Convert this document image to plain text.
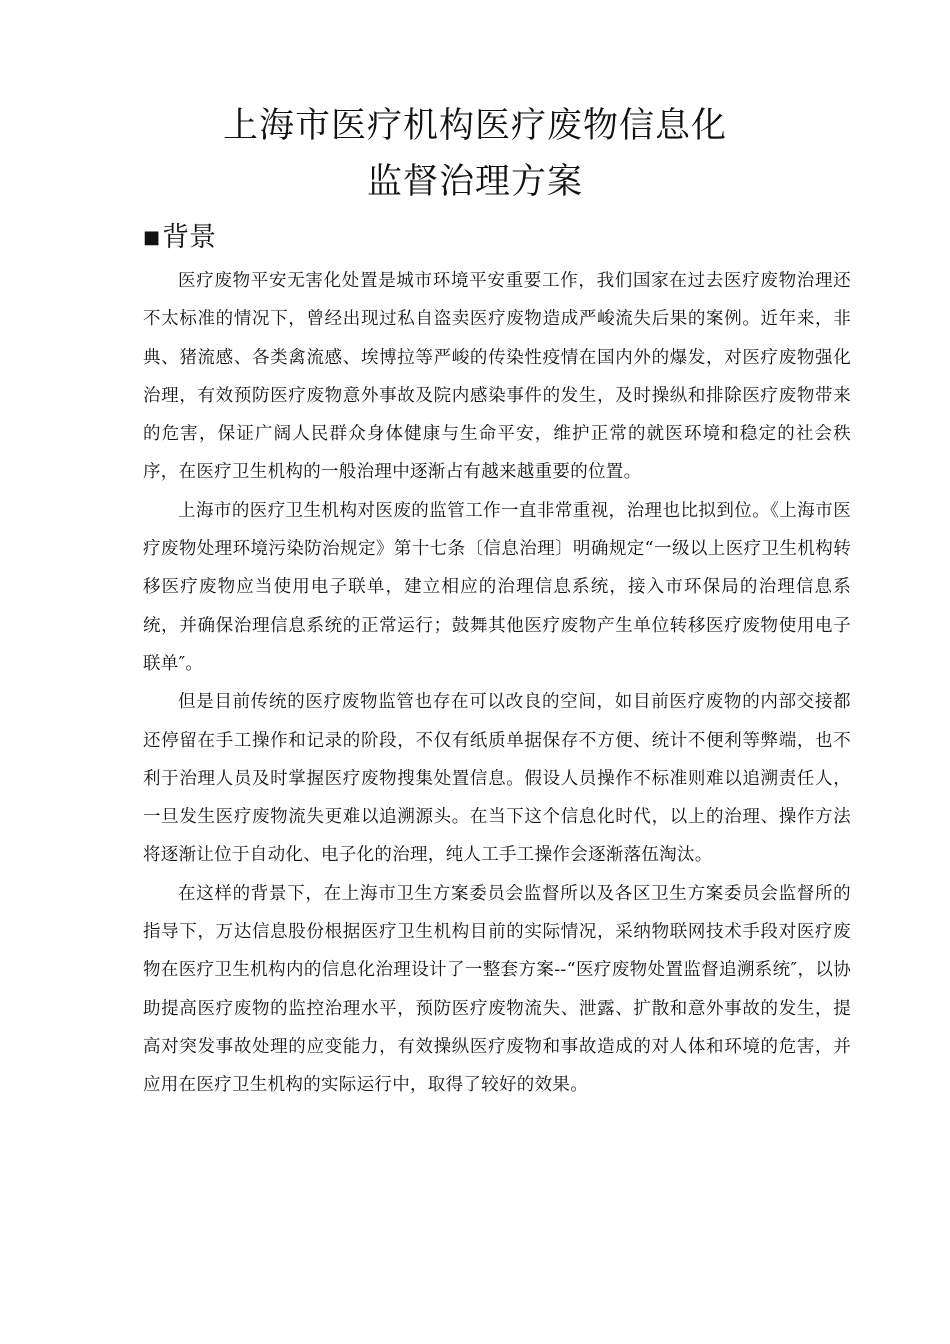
上海市医疗机构医疗废物信息化
监督治理方案
■背景

医疗废物平安无害化处置是城市环境平安重要工作，我们国家在过去医疗废物治理还不太标准的情况下，曾经出现过私自盗卖医疗废物造成严峻流失后果的案例。近年来，非典、猪流感、各类禽流感、埃博拉等严峻的传染性疫情在国内外的爆发，对医疗废物强化治理，有效预防医疗废物意外事故及院内感染事件的发生，及时操纵和排除医疗废物带来的危害，保证广阔人民群众身体健康与生命平安，维护正常的就医环境和稳定的社会秩序，在医疗卫生机构的一般治理中逐渐占有越来越重要的位置。

上海市的医疗卫生机构对医废的监管工作一直非常重视，治理也比拟到位。《上海市医疗废物处理环境污染防治规定》第十七条〔信息治理〕明确规定“一级以上医疗卫生机构转移医疗废物应当使用电子联单，建立相应的治理信息系统，接入市环保局的治理信息系统，并确保治理信息系统的正常运行；鼓舞其他医疗废物产生单位转移医疗废物使用电子联单″。

但是目前传统的医疗废物监管也存在可以改良的空间，如目前医疗废物的内部交接都还停留在手工操作和记录的阶段，不仅有纸质单据保存不方便、统计不便利等弊端，也不利于治理人员及时掌握医疗废物搜集处置信息。假设人员操作不标准则难以追溯责任人，一旦发生医疗废物流失更难以追溯源头。在当下这个信息化时代，以上的治理、操作方法将逐渐让位于自动化、电子化的治理，纯人工手工操作会逐渐落伍淘汰。

在这样的背景下，在上海市卫生方案委员会监督所以及各区卫生方案委员会监督所的指导下，万达信息股份根据医疗卫生机构目前的实际情况，采纳物联网技术手段对医疗废物在医疗卫生机构内的信息化治理设计了一整套方案--“医疗废物处置监督追溯系统″，以协助提高医疗废物的监控治理水平，预防医疗废物流失、泄露、扩散和意外事故的发生，提高对突发事故处理的应变能力，有效操纵医疗废物和事故造成的对人体和环境的危害，并应用在医疗卫生机构的实际运行中，取得了较好的效果。
